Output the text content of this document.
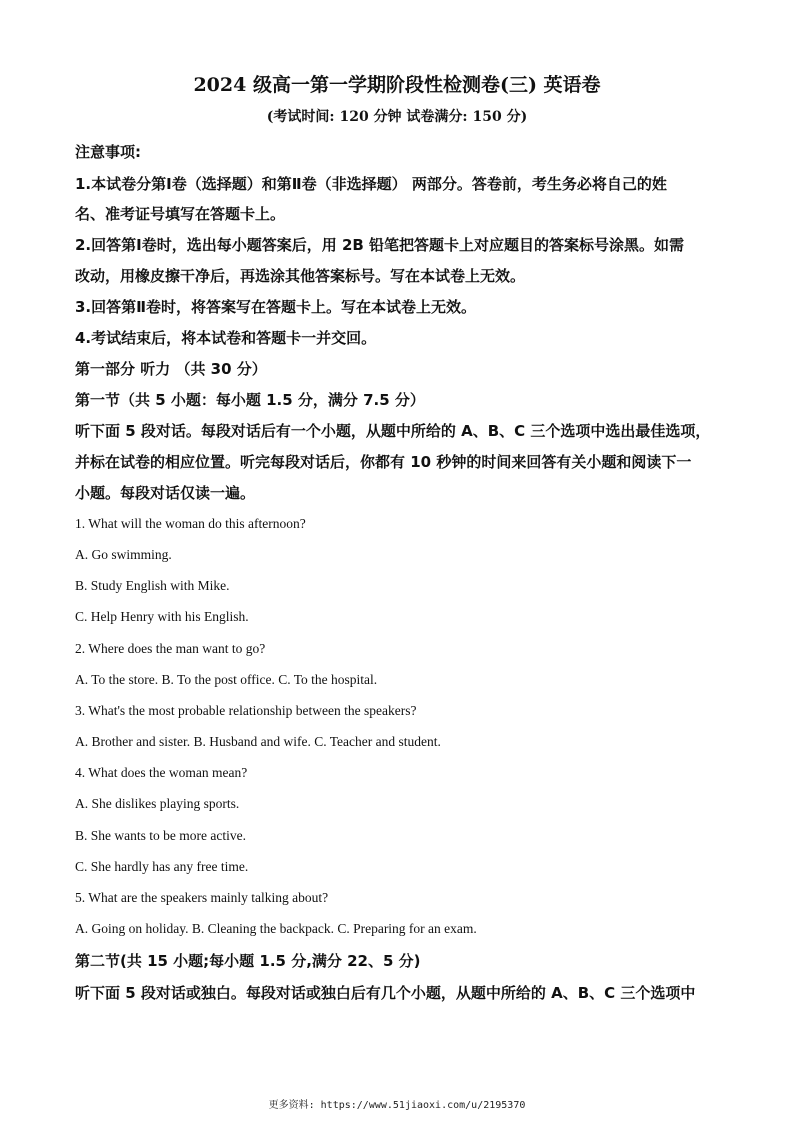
2024 级高一第一学期阶段性检测卷(三) 英语卷
(考试时间: 120 分钟 试卷满分: 150 分)
注意事项:
1.本试卷分第Ⅰ卷（选择题）和第Ⅱ卷（非选择题） 两部分。答卷前，考生务必将自己的姓
名、准考证号填写在答题卡上。
2.回答第Ⅰ卷时，选出每小题答案后，用 2B 铅笔把答题卡上对应题目的答案标号涂黑。如需
改动，用橡皮擦干净后，再选涂其他答案标号。写在本试卷上无效。
3.回答第Ⅱ卷时，将答案写在答题卡上。写在本试卷上无效。
4.考试结束后，将本试卷和答题卡一并交回。
第一部分 听力 （共 30 分）
第一节（共 5 小题：每小题 1.5 分，满分 7.5 分）
听下面 5 段对话。每段对话后有一个小题，从题中所给的 A、B、C 三个选项中选出最佳选项，
并标在试卷的相应位置。听完每段对话后，你都有 10 秒钟的时间来回答有关小题和阅读下一
小题。每段对话仅读一遍。
1. What will the woman do this afternoon?
A. Go swimming.
B. Study English with Mike.
C. Help Henry with his English.
2. Where does the man want to go?
A. To the store. B. To the post office. C. To the hospital.
3. What's the most probable relationship between the speakers?
A. Brother and sister. B. Husband and wife. C. Teacher and student.
4. What does the woman mean?
A. She dislikes playing sports.
B. She wants to be more active.
C. She hardly has any free time.
5. What are the speakers mainly talking about?
A. Going on holiday. B. Cleaning the backpack. C. Preparing for an exam.
第二节(共 15 小题;每小题 1.5 分,满分 22、5 分)
听下面 5 段对话或独白。每段对话或独白后有几个小题，从题中所给的 A、B、C 三个选项中
更多资料: https://www.51jiaoxi.com/u/2195370
